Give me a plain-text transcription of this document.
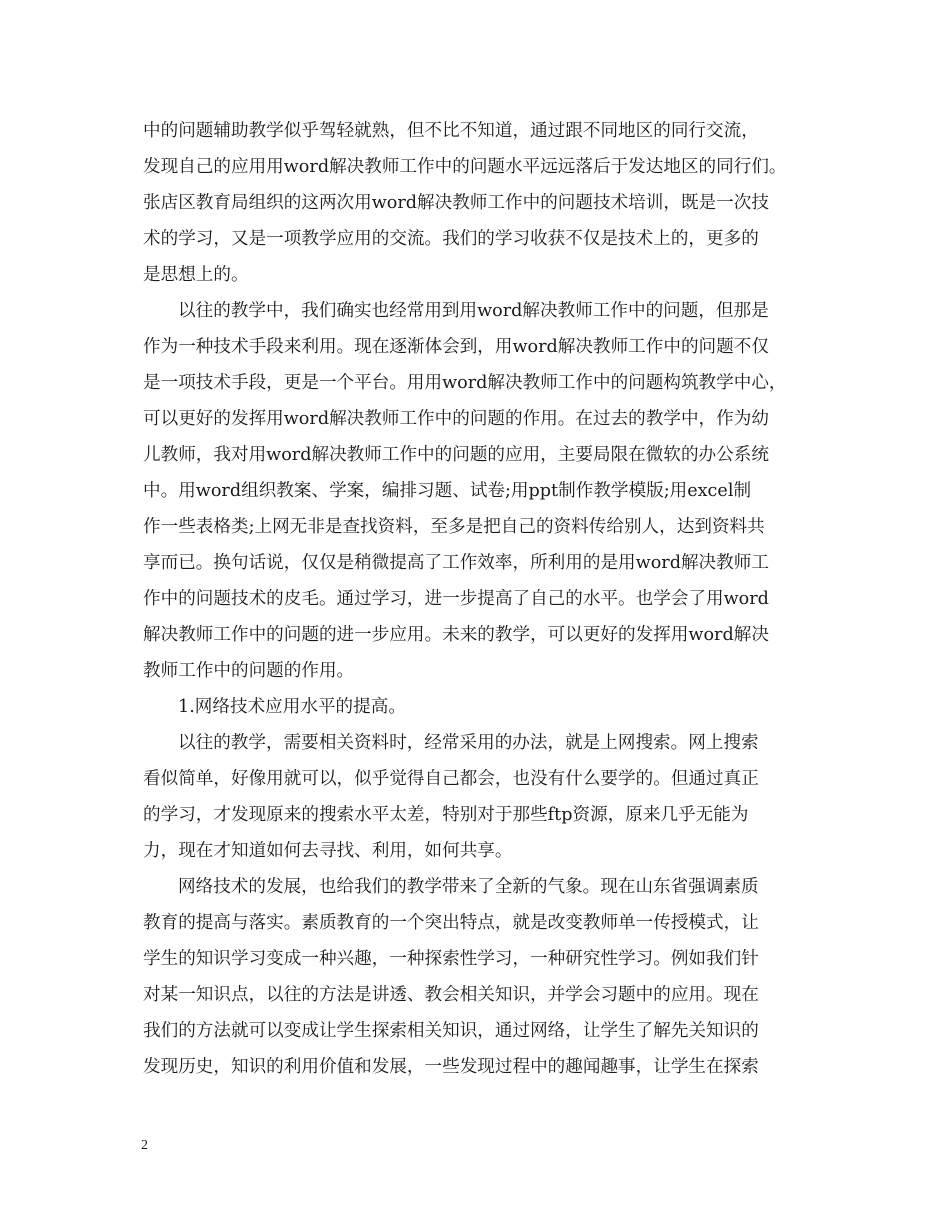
中的问题辅助教学似乎驾轻就熟，但不比不知道，通过跟不同地区的同行交流，
发现自己的应用用word解决教师工作中的问题水平远远落后于发达地区的同行们。
张店区教育局组织的这两次用word解决教师工作中的问题技术培训，既是一次技
术的学习，又是一项教学应用的交流。我们的学习收获不仅是技术上的，更多的
是思想上的。
以往的教学中，我们确实也经常用到用word解决教师工作中的问题，但那是
作为一种技术手段来利用。现在逐渐体会到，用word解决教师工作中的问题不仅
是一项技术手段，更是一个平台。用用word解决教师工作中的问题构筑教学中心，
可以更好的发挥用word解决教师工作中的问题的作用。在过去的教学中，作为幼
儿教师，我对用word解决教师工作中的问题的应用，主要局限在微软的办公系统
中。用word组织教案、学案，编排习题、试卷;用ppt制作教学模版;用excel制
作一些表格类;上网无非是查找资料，至多是把自己的资料传给别人，达到资料共
享而已。换句话说，仅仅是稍微提高了工作效率，所利用的是用word解决教师工
作中的问题技术的皮毛。通过学习，进一步提高了自己的水平。也学会了用word
解决教师工作中的问题的进一步应用。未来的教学，可以更好的发挥用word解决
教师工作中的问题的作用。
1.网络技术应用水平的提高。
以往的教学，需要相关资料时，经常采用的办法，就是上网搜索。网上搜索
看似简单，好像用就可以，似乎觉得自己都会，也没有什么要学的。但通过真正
的学习，才发现原来的搜索水平太差，特别对于那些ftp资源，原来几乎无能为
力，现在才知道如何去寻找、利用，如何共享。
网络技术的发展，也给我们的教学带来了全新的气象。现在山东省强调素质
教育的提高与落实。素质教育的一个突出特点，就是改变教师单一传授模式，让
学生的知识学习变成一种兴趣，一种探索性学习，一种研究性学习。例如我们针
对某一知识点，以往的方法是讲透、教会相关知识，并学会习题中的应用。现在
我们的方法就可以变成让学生探索相关知识，通过网络，让学生了解先关知识的
发现历史，知识的利用价值和发展，一些发现过程中的趣闻趣事，让学生在探索
2
